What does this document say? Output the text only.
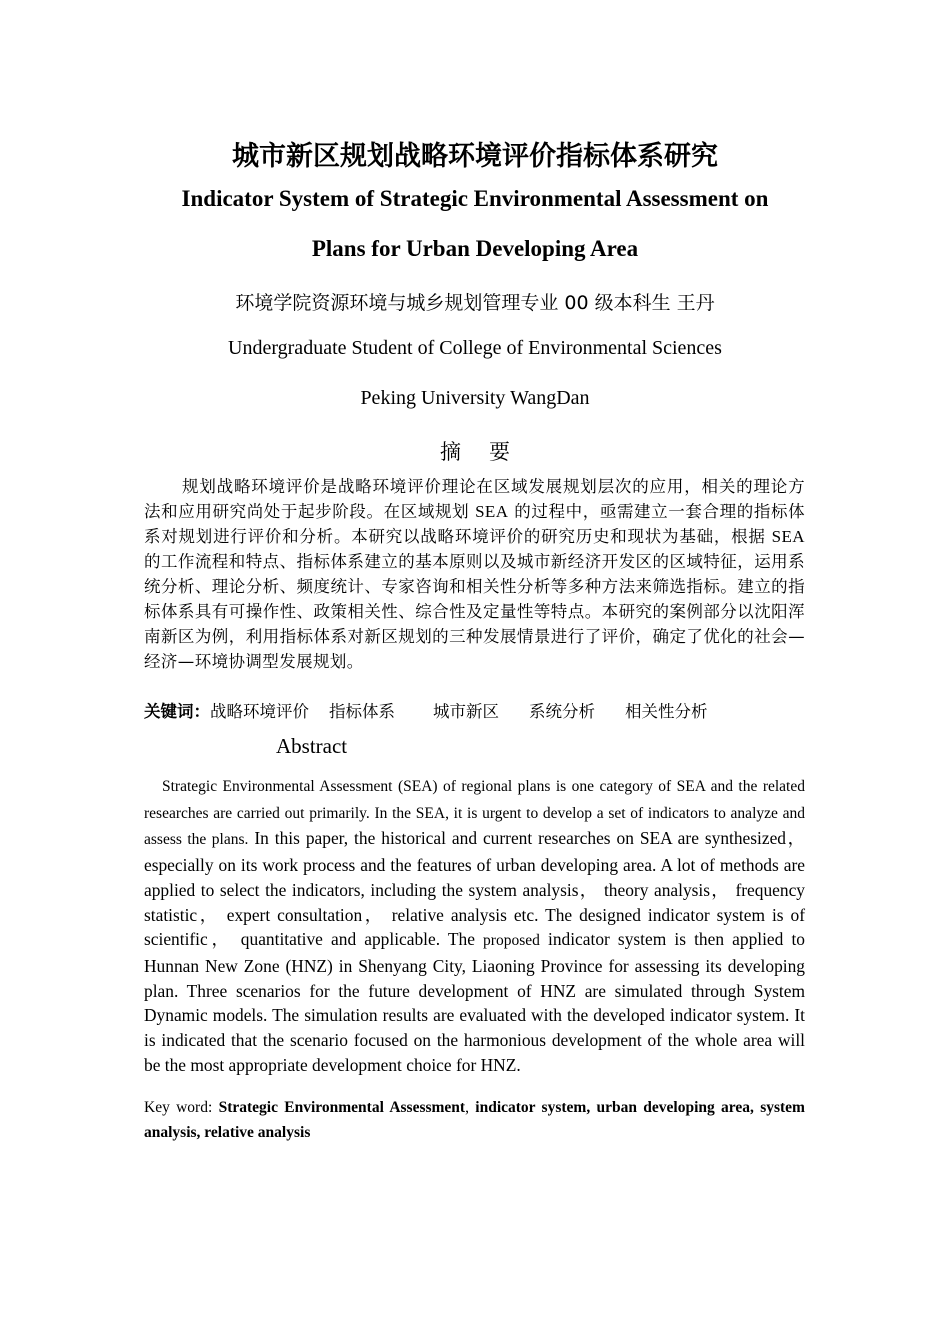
城市新区规划战略环境评价指标体系研究
Indicator System of Strategic Environmental Assessment on
Plans for Urban Developing Area
环境学院资源环境与城乡规划管理专业 00 级本科生 王丹
Undergraduate Student of College of Environmental Sciences
Peking University WangDan
摘要
规划战略环境评价是战略环境评价理论在区域发展规划层次的应用，相关的理论方法和应用研究尚处于起步阶段。在区域规划 SEA 的过程中，亟需建立一套合理的指标体系对规划进行评价和分析。本研究以战略环境评价的研究历史和现状为基础，根据 SEA 的工作流程和特点、指标体系建立的基本原则以及城市新经济开发区的区域特征，运用系统分析、理论分析、频度统计、专家咨询和相关性分析等多种方法来筛选指标。建立的指标体系具有可操作性、政策相关性、综合性及定量性等特点。本研究的案例部分以沈阳浑南新区为例，利用指标体系对新区规划的三种发展情景进行了评价，确定了优化的社会—经济—环境协调型发展规划。
关键词：战略环境评价 指标体系 城市新区 系统分析 相关性分析
Abstract
Strategic Environmental Assessment (SEA) of regional plans is one category of SEA and the related researches are carried out primarily. In the SEA, it is urgent to develop a set of indicators to analyze and assess the plans. In this paper, the historical and current researches on SEA are synthesized，especially on its work process and the features of urban developing area. A lot of methods are applied to select the indicators, including the system analysis， theory analysis， frequency statistic， expert consultation， relative analysis etc. The designed indicator system is of scientific， quantitative and applicable. The proposed indicator system is then applied to Hunnan New Zone (HNZ) in Shenyang City, Liaoning Province for assessing its developing plan. Three scenarios for the future development of HNZ are simulated through System Dynamic models. The simulation results are evaluated with the developed indicator system. It is indicated that the scenario focused on the harmonious development of the whole area will be the most appropriate development choice for HNZ.
Key word: Strategic Environmental Assessment, indicator system, urban developing area, system analysis, relative analysis
